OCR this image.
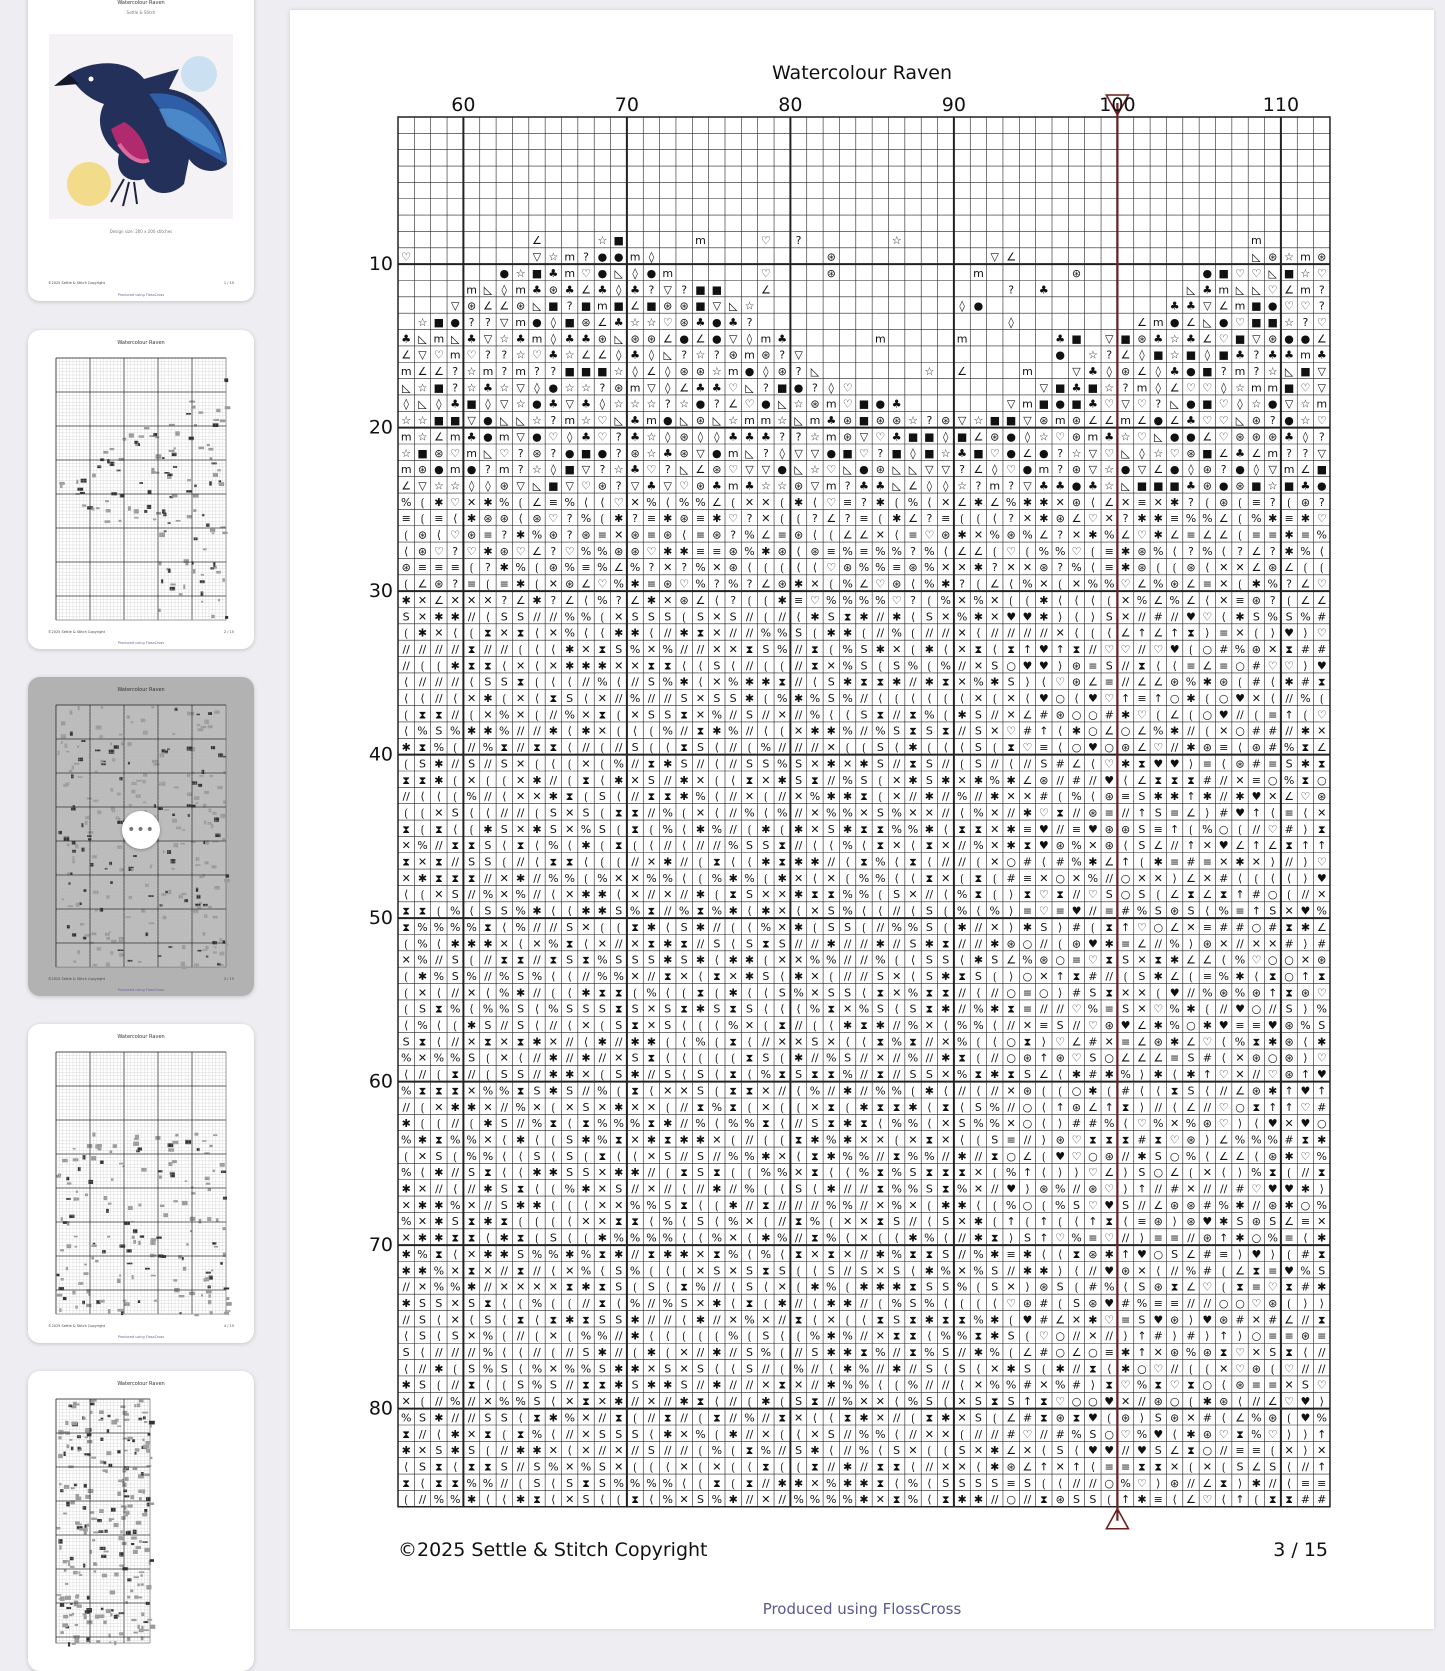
Watercolour Raven
Settle & Stitch
Design size: 200 x 200 stitches
©2025 Settle & Stitch Copyright	1 / 15
Produced using FlossCross
Watercolour Raven
©2025 Settle & Stitch Copyright	2 / 15
Produced using FlossCross
Watercolour Raven
•••
©2025 Settle & Stitch Copyright	3 / 15
Produced using FlossCross
Watercolour Raven
©2025 Settle & Stitch Copyright	4 / 15
Produced using FlossCross
Watercolour Raven
Watercolour Raven
∠	☆ ■	m	♡ ?	☆	m
♡	▽ ☆ m ? ● ● m ◊	⊛	▽ ∠	◺ ⊛ ☆ m ⊛
● ☆ ■ ♣ m ♡ ● ◺ ◊ ● m	♡	⊛	m	⊛	● ■ ♡ ♡ ◺ ■ ☆ ♡
m ◺ ◊ m ♣ ⊛ ♣ ∠ ♣ ◊ ♣ ? ▽ ? ■ ■	∠	? ♣	◺ ♣ m ◺ ◺ ♡ ∠ m ?
▽ ⊛ ∠ ∠ ⊛ ◺ ■ ? ■ m ■ ∠ ■ ⊛ ⊛ ■ ▽ ◺ ☆	◊ ●	♣ ♣ ▽ ∠ m ■ ● ♡ ♡ ?
☆ ■ ● ? ? ▽ m ● ◊ ■ ⊛ ∠ ♣ ☆ ☆ ♡ ⊛ ♣ ● ♣ ?	◊	∠ m ● ∠ ◺ ● ♡ ■ ■ ☆ ? ♡
♣ ◺ m ◺ ♣ ▽ ☆ ♣ m ◊ ♣ ♣ ⊛ ◺ ⊛ ⊛ ∠ ● ∠ ● ▽ ◊ m ♣	m	m	♣ ■ ▽ ■ ⊛ ♣ ☆ ♣ ∠ ♡ ■ ▽ ⊛ ● ● ∠
∠ ▽ ♡ m ♡ ? ? ☆ ♡ ♣ ☆ ∠ ∠ ◊ ♣ ◊ ◺ ? ☆ ? ⊛ m ⊛ ? ▽	● ☆ ? ∠ ◊ ■ ☆ ■ ◊ ■ ♣ ? ♣ ♣ m ♣
m ∠ ∠ ? ☆ m ? m ? ? ■ ■ ■ ☆ ◊ ∠ ◊ ⊛ ⊛ ☆ m ● ◊ ⊛ ? ◺	☆ ∠	m	▽ ♣ ◊ ⊛ ∠ ◊ ♣ ● ■ ? m ? ☆ ◺ ■ ▽
◺ ☆ ■ ? ☆ ♣ ☆ ▽ ◊ ● ☆ ☆ ? ⊛ m ▽ ◊ ∠ ♣ ♣ ♡ ◺ ? ■ ● ? ◊ ♡	▽ ■ ♣ ■ ☆ ? m ◊ ∠ ♡ ♡ ◊ ☆ m m ■ ♡ ▽
◊ ◺ ◊ ♣ ■ ◊ ▽ ☆ ● ♣ ▽ ♣ ◊ ☆ ☆ ☆ ? ☆ ● ? ∠ ♡ ● ◺ ☆ ⊛ m ♡ ■ ● ♣	▽ m ■ ● ■ ♣ ♡ ▽ ♡ ? ◺ ● ■ ♡ ◊ ☆ ● ▽ ☆ m
☆ ☆ ■ ■ ▽ ● ◺ ◺ ☆ ? m ☆ ♡ ◺ ♣ m ● ◺ ⊛ ◺ ☆ m m ☆ ◺ m ♣ ⊛ ■ ⊛ ⊛ ☆ ? ⊛ ▽ ☆ ■ ■ ▽ ⊛ m ⊛ ∠ ∠ m ∠ ● ∠ ♣ ♡ ♡ ◺ ⊛ ? ● ☆ ♡
m ☆ ∠ m ♣ ● m ▽ ● ♡ ◊ ♣ ♡ ? ♣ ☆ ◊ ⊛ ◊ ◊ ♣ ♣ ♣ ? ? ☆ m ⊛ ▽ ♡ ♣ ■ ■ ◊ ■ ∠ ⊛ ● ◊ ☆ ♡ ⊛ m ♣ ☆ ♡ ◺ ● ● ∠ ♡ ⊛ ⊛ ⊛ ♣ ◊ ?
☆ ■ ⊛ ♡ m ◺ ♡ ? ⊛ ? ● ■ ● ? ⊛ ☆ ♣ ⊛ ▽ ● m ◺ ? ◊ ▽ ▽ ● ■ ♡ ? ■ ◊ ■ ☆ ♣ ■ ♡ ● ∠ ● ? ☆ ▽ ♡ ◺ ◊ ☆ ♡ ⊛ ■ ∠ ♣ ∠ m ? ? ▽
m ⊛ ● m ● ? m ? ☆ ◊ ■ ▽ ? ☆ ♣ ♡ ? ◺ ∠ ⊛ ♡ ▽ ▽ ● ◺ ☆ ♡ ◺ ● ⊛ ◺ ◺ ▽ ▽ ? ∠ ◊ ♡ ● m ? ⊛ ▽ ☆ ● ▽ ∠ ● ◊ ⊛ ? ● ◊ ▽ m ∠ ■
∠ ▽ ☆ ☆ ◊ ◊ ⊛ ▽ ◺ ■ ▽ ♡ ⊛ ? ▽ ♣ ▽ ♡ ⊛ ♣ m ♣ ☆ ☆ ⊛ ▽ m ? ♣ ♣ ◺ ∠ ◊ ◊ ☆ ? m ? ▽ ♣ ♣ ● ♣ ☆ ◺ ■ ■ ■ ♣ ⊛ ● ⊛ ■ ☆ ■ ♣ ●
% ⟮ ✱ ♡ ✕ ✱ % ⟮ ∠ ≡ % ⟨ ⟨ ♡ ✕ % ⟨ % % ∠ ⟮ ✕ ✕ ⟮ ✱ ⟨ ♡ ≡ ? ✱ ⟮ % ⟨ ✕ ∠ ✱ ∠ % ✱ ✱ ✕ ⊛ ⟨ ∠ ✕ ≡ ✕ ✱ ? ⟮ ⊛ ⟮ ≡ ? ⟮ ⊛ ?
≡ ⟮ ≡ ⟨ ✱ ⊛ ⊛ ⟨ ⊛ ♡ ? % ⟮ ✱ ? ≡ ✱ ⊛ ≡ ✱ ♡ ? ✕ ⟮ ⟮ ? ∠ ? ≡ ⟮ ✱ ∠ ? ≡ ⟮ ⟮ ⟨ ? ✕ ✱ ⊛ ∠ ♡ ✕ ? ✱ ✱ ≡ % % ∠ ⟮ % ✱ ≡ ✱ ♡
⟮ ⊛ ⟨ ♡ ⊛ ≡ ? ✱ % ⊛ ? ⊛ ≡ ✕ ⊛ ≡ ⊛ ⟨ ≡ ⊛ ? % ∠ ≡ ⊛ ⟨ ⟮ ∠ ∠ ✕ ⟨ ≡ ♡ ⊛ ✱ ✕ % ⊛ % ∠ ? ✕ ✱ % ∠ ♡ ✱ ∠ ≡ ∠ ∠ ⟮ ≡ ≡ ✱ ≡ %
⟨ ⊛ ♡ ? ♡ ✱ ⊛ ♡ ∠ ? ♡ % % ⊛ ⊛ ♡ ✱ ✱ ≡ ≡ ⊛ % ✱ ⊛ ⟨ ⊛ ≡ % ≡ % % ? % ⟨ ∠ ∠ ⟮ ♡ ⟮ % % ♡ ⟮ ≡ ✱ ⊛ % ⟨ ? % ⟨ ? ∠ ? ✱ % ⟨
⊛ ≡ ≡ ≡ ⟮ ? ✱ % ⟮ ⊛ % ≡ % ∠ % ? ✕ ? % ✕ ⊛ ⟨ ⟮ ⟮ ⟨ ⟨ ♡ ⊛ % % ≡ ⊛ % ✕ ✕ ✱ ? ✕ ✕ ⊛ ? % ⟨ ≡ ✱ ⊛ ⟮ ⟮ ⊛ ⟨ ✕ ✕ ∠ ⊛ ∠ ⟮ ⟮
⟮ ∠ ⊛ ? ≡ ⟮ ≡ ✱ ⟮ ✕ ⊛ ∠ ♡ % ✱ ≡ ⊛ ♡ % ? % ? ∠ ⊛ ✱ ✕ ⟮ % ∠ ♡ ⊛ ⟨ % ✱ ? ⟮ ∠ ⟨ % ✕ ⟮ ✕ % % ♡ ∠ % ⊛ ∠ ≡ ✕ ⟮ ✱ % ? ∠ ♡
✱ ✕ ∠ ✕ ✕ ✕ ? ∠ ✱ ? ∠ ⟨ % ? ∠ ✱ ✕ ⊛ ∠ ⟨ ? ⟮ ⟮ ✱ ≡ ♡ % % % % ♡ ? ⟮ % ✕ % ✕ ⟮ ⟮ ✱ ⟨ ⟨ ⟨ ⟮ ✕ % ∠ % ∠ ⟨ ✕ ≡ ⊛ ? ⟮ ∠ ∠
S ✕ ✱ ✱ // ⟨ S S // // % % ⟮ ✕ S S S ⟮ S ✕ S // ⟮ // ⟨ ✱ S ⧗ ✱ // ✱ ⟨ S ✕ % ✱ ✕ ♥ ♥ ✱ ⟩ ⟨ ⟩ S ✕ // # // ♥ ♡ ⟨ ✱ S % S % #
⟮ ✱ ✕ ⟨ ⟮ ⧗ ✕ ⧗ ⟨ ✕ % ⟨ ⟨ ✱ ✱ ⟨ // ✱ ⧗ ✕ // // % % S ⟮ ✱ ✱ ⟮ // % ⟮ // // ✕ ⟨ // // // // ✕ ⟨ ⟮ ⟨ ∠ ↑ ∠ ↑ ⧗ ⟩ ≡ ✕ ⟮ ⟩ ♥ ⟩ ♡
// // // // ⧗ // // ⟮ ⟨ ⟨ ✱ ✕ ⧗ S % ✕ % // // ✕ ✕ ⧗ S % // ⧗ ⟮ % S ✱ ✕ ⟮ ✱ ⟨ ✕ ⧗ ⟨ ⧗ ↑ ♥ ↑ ⧗ // ♡ ♡ // ♡ ♥ ⟮ ○ # % ⊛ ✕ ⧗ # #
// ⟮ ⟮ ✱ ⧗ ⧗ ⟨ ✕ ⟨ ✕ ✱ ✱ ✱ ✕ ✕ ⧗ ⧗ ⟨ ⟨ S ⟨ // ⟮ ⟮ // ⧗ ✕ % S ⟮ S % ⟮ % // ✕ S ○ ♥ ♥ ⟩ ⊛ ≡ S // ⧗ ⟨ ⟨ ≡ ∠ ≡ ○ # ♡ ♡ ⟩ ♥
⟨ // // // ⟨ S S ⧗ ⟮ ⟨ ⟨ // % ⟨ // S % ✱ ⟨ ✕ % ✱ ✱ ⧗ // ⟨ S ✱ ⧗ ⧗ ✱ // ✱ ⧗ ✕ % ✱ S ⟩ ⟨ ♡ ⊛ ∠ ≡ // ∠ ∠ ⊛ % ✱ ⊛ ⟮ # ⟨ ✱ # ⧗
⟨ ⟨ // ⟨ ✕ ✱ ⟮ ✕ ⟨ ⧗ S ⟨ ✕ // % // // S ✕ S S ✱ ⟮ % ✱ % S % // ⟨ ⟮ ⟨ ⟨ ⟮ ⟨ ✕ ⟮ ✕ ⟨ ♥ ○ ⟨ ♥ ♡ ↑ ≡ ↑ ○ ✱ ⟮ ○ ♥ ✕ ⟨ // % ⟮
⟮ ⧗ ⧗ // ⟮ ✕ % ✕ ⟮ // % ✕ ⧗ ⟮ ✕ S S ⧗ ✕ % // S // ✕ // % ⟨ ⟨ S ⧗ // ⧗ % ⟮ ✱ S // ✕ ∠ # ⊛ ○ ○ # ✱ ♡ ⟮ ∠ ⟮ ○ ♥ // ⟮ ≡ ↑ ⟮ ♡
⟨ % S % ✱ ✱ % // // ✱ ⟨ ✱ ✕ ⟮ ⟨ ⟮ % // ⧗ ✱ % // ⟨ ⟮ ✕ ✱ ✱ % // % S ⧗ S ⧗ // S ✕ ♡ # ↑ ⟨ ✱ ○ ∠ ○ ∠ % ✱ // ⟮ ✕ ○ # # // ✱ ✕
✱ ⧗ % ⟮ // % ⧗ // ⧗ ⧗ ⟨ // ⟮ // S ⟮ ⟨ ⧗ S ⟨ // ⟮ % // // // ✕ ⟮ ⟮ S ⟨ ✱ ⟮ ⟨ ⟨ S ⟮ ⧗ ♡ ≡ ⟨ ○ ♥ ○ ⊛ ∠ ♡ // ✱ ⊛ ≡ ⟨ ⊛ # % ⧗ ∠
⟮ S ✱ // S // S ✕ ⟮ ⟨ ⟮ ✕ ⟮ % // ⧗ ✱ S // ⟨ // S S % S ✕ ✱ ✕ ✱ S // ⧗ S // ⟮ S // ⟨ // S # ∠ ⟨ ♡ ✱ ⧗ ♥ ♥ ⟩ ≡ ⟨ ⊛ # ≡ S ✱ ⧗
⧗ ⧗ ✱ ⟮ ✕ ⟮ ⟮ ✕ ✱ // ⟮ ⧗ ⟨ ✱ ✕ S // ✱ ✕ ⟮ ⟨ ⧗ ✕ ✱ S ⧗ // % S ⟮ ✕ ✱ S ✱ ✕ ✱ % ✱ ∠ ⊛ // # // ♥ ⟨ ∠ ⧗ ⧗ ⧗ # // ✕ ≡ ○ % ⧗ ○
// ⟨ ⟨ ⟮ % // ⟨ ✕ ✕ ✱ ⧗ ⟮ S ⟨ // ⧗ ⧗ ✱ % ⟨ // ✕ ⟮ // ✕ % ✱ ✱ ⧗ ⟮ ✕ // ✱ // % // ✱ ✕ ✕ # ⟮ % ⟨ ⊛ ≡ S ✱ ✱ ↑ ✱ // ✱ ♥ ✕ ∠ ♡ ⊛
⟮ ⟮ ✕ S ⟨ ⟨ // // ⟮ S ✕ S ⟮ ⧗ ⧗ // % ⟮ ✕ ⟨ // % ⟨ % // ✕ % % ✕ S % ✕ ✕ // ⟨ % ✕ // ✱ ♡ ⧗ // ⊛ ≡ // ↑ S ≡ ∠ ⟩ # ♥ ↑ ⟨ ≡ ⟨ ✕
⧗ ⟮ ⧗ ⟨ ⟮ ✱ S ✕ ✱ S ✕ % S ⟮ ⧗ ⟮ % ⟨ ✱ % // ⟮ ✱ ⟮ ✱ ✕ S ✱ ⧗ ⧗ % % ✱ ⟨ ⧗ ⧗ ✕ ✱ ≡ ♥ // ≡ ♥ ⊛ ⊛ S ≡ ↑ ⟮ % ○ ⟮ // ♡ # ⟩ ⧗
✕ % // ⧗ ⧗ S ⟨ ⧗ ⟨ % ⟨ ✱ ⟮ ⧗ ⟮ ⟨ // ⟨ // // % S S ⧗ // ⟨ ⟨ % ⟨ ⧗ ✕ ⟨ ⧗ ✕ // % ✕ ✱ ⧗ ♥ ⊛ % ✕ ⊛ ⟨ S ∠ // ↑ ✕ ♥ ∠ ↑ ∠ ⧗ ↑ ↑
⧗ ✕ ⧗ // S S ⟮ // ⟨ ⧗ ⧗ ⟨ ⟮ ⟮ // ✕ ✱ // ⟮ ⧗ ⟨ ⟨ ✱ ⧗ ✱ ✱ // ⟨ ⧗ % ⟨ ⧗ ⟨ // // ⟮ ✕ ○ # ⟨ # % ✱ ∠ ↑ ⟮ ✱ ≡ # ≡ ✕ ✱ ✕ ⟩ // ⟩ ♡
✕ ✱ ⧗ ⧗ ⧗ // ✕ ✱ // % % ⟮ % ✕ ✕ % % ⟨ ⟮ % ✱ % ⟮ ✱ ✕ ⟨ ✕ ⟮ % % ⟨ ⟨ ⧗ ✕ ⟮ ⧗ ⟮ # ≡ ✕ ○ ✕ % // ○ ✕ ✕ ⟩ ∠ ✕ # ⟨ ⟮ ⟨ ⟨ ⟩ ♥
⟨ ⟮ ✕ S // % ✕ % // ⟨ ✕ ✱ ✱ ⟨ ✕ // ✕ // ✱ ⟮ ⧗ S ✕ ✕ ✱ ⧗ ⧗ % % ⟮ S ✕ // ⟨ % ⧗ ⟮ ⟩ ⧗ ♡ ⧗ // ♡ S ○ S ⟮ ∠ ⧗ ∠ ⧗ ↑ # ○ ⟮ // ✕
⧗ ⧗ ⟮ % ⟨ S S % ✱ ⟨ ⟨ ✱ ✱ S % ⧗ // % ⧗ % ✱ ⟨ ✱ ✕ ⟨ ✕ S % ⟨ ⟨ // ⟨ S ⟮ % ⟨ % ⟩ ≡ ♡ ≡ ♥ // ≡ # % S ⊛ S ⟨ % ≡ ↑ S ✕ ♥ %
⧗ % % % % ⧗ ⟨ % // // S ✕ ⟮ ⟮ ⧗ ✱ ⟨ S ✱ // ⟮ ⟨ % ✕ ✱ ⟮ S S ⟮ // % % S ⟮ ✱ // ✕ ⟩ ✱ S ⟩ # ⟮ ⧗ ↑ ♡ ○ ∠ ✕ ≡ # # ○ # ⧗ ✱ ∠
⟮ % ⟨ ✱ ✱ ✱ ✕ ⟨ ✕ % ⧗ ⟨ ✕ // ✕ ⧗ ✱ ⧗ // S ⟨ S ⧗ S // // ✱ // // ✱ // S ✱ ⧗ // // ✱ ⊛ ○ // ⟮ ⊛ ♥ ✱ ≡ ∠ // % ⟩ ⊛ ✕ // ✕ ✕ # ⟩ #
✕ % // S ⟮ // ⧗ ⧗ // ⧗ S ⧗ % S S S ✱ S ✱ ⟨ ✱ ✱ ⟮ ✕ ✕ % % // // % ⟮ ⟨ S S ⟨ ✱ S ∠ % ⊛ ○ ≡ ♡ ⧗ S ✕ ⧗ ✱ ∠ ∠ ⟨ % ♡ ○ ○ ✕ ⊛
⟮ ✱ % S % // % S % ⟨ ⟨ // % % ✕ // ⧗ ✕ ⟨ ⧗ ✕ ✱ S ⟨ ✱ ✕ ⟮ // // S ✕ ⟨ S ✱ ⧗ S ⟮ ⟩ ○ ✕ ↑ ⧗ # // ⟮ S ✱ ∠ ⟮ ≡ % ✱ ⟨ ⧗ ○ ↑ ⧗
⟮ ✕ ⟨ // ✕ ⟨ % ✱ // ⟮ ⟨ ✱ ⧗ ⧗ ⟮ % ⟨ ⟮ ⧗ ⟮ ✱ ⟨ ⟨ S % ✕ S S ⟨ ⧗ ✕ % ⧗ ⧗ // ⟨ // ○ ≡ ○ ⟩ # S ⧗ ✕ ✕ ⟮ ♥ // % ⊛ % ⊛ ↑ ⧗ ⊛ ♡
⟮ S ⧗ % ⟨ % % S ⟨ % S S S ⧗ S ✕ S ⧗ ✱ S ⧗ S ⟨ ⟨ ⟨ % ⧗ ✕ % S ⟨ S ⧗ ✱ // % ✱ ⧗ ≡ // // ♡ % ≡ S ✕ ♡ % ✱ ⟮ // ♥ ○ // S ⟩ %
⟨ % ⟨ ⟮ ✱ S // S ⟨ // ⟨ ✕ ⟮ S ⧗ ✕ S ⟨ ⟮ ⟨ % ✕ ⟮ ⧗ // ⟮ ⟨ ✱ ⧗ ✱ // % ✕ ⟨ % % ⟨ // ✕ ≡ S // ♡ ⊛ ♥ ∠ ✱ % ○ ✱ ♥ ≡ ≡ ♥ ⊛ % S
S ⧗ ⟨ // ✕ ⧗ ✕ ⧗ ✱ ✕ // ⟨ ✱ // ✱ ✱ ⟮ ⟨ % ⟮ ⧗ ⟨ // ✕ ✕ S ✕ ⟨ ⟨ ⧗ % ⧗ // ✕ % ⟮ ⟨ ○ ⧗ ⟩ ♡ ∠ # ✕ ≡ ∠ ⊛ ✱ ∠ ♡ ⟨ % ⧗ ✱ ⊛ ⟨ ✱
% ✕ % % S ⟮ ✕ ⟨ // ✱ // ✱ // ✕ S ⧗ ⟨ ⟨ ⟮ ⟮ ⟮ ⧗ S ⟮ ✱ // % S // ✕ // % // ✱ ⧗ ⟮ // ○ ⊛ ↑ ⊛ ♡ S ○ ∠ ∠ ∠ ≡ S # ⟨ ✕ ⊛ ○ ⊛ ⟩ ♡
⟨ // ⟮ ⧗ // ⟮ S S // ✱ ✱ ✕ ⟮ S ✱ // S ⟨ S ⟨ ⧗ ⟨ % ⧗ S ⧗ ⧗ % // ⧗ // S S ✕ % ⧗ ✱ ⧗ S ∠ ⟨ ✱ # ✱ % ⟩ ✱ ⟨ ✱ ↑ ♡ ✕ // ♡ ⊛ ↑ ♥
% ⧗ ⧗ ⧗ ✕ % % ⧗ S ✱ S // % ⟮ ⧗ ⟨ ✕ ✕ S ⟮ ⧗ ⧗ ✕ // ⟨ % // ✱ // % % ⟮ ✱ ⟨ // ⟨ // ✕ ⊛ ⟮ ⟮ ○ ✱ ⟮ # ⟨ ⟨ ⧗ S ⟨ // ∠ ⊛ ✱ ↑ ♥ ↑
// ⟮ ✕ ✱ ✱ ✕ // % ✕ ⟮ ✕ S ✕ ✱ ✕ ✕ ⟮ // ⧗ % ⧗ ⟮ ✕ ⟮ ⟮ ✕ ⧗ ⟮ ✱ ⧗ ⧗ ✱ ⟨ ⧗ ⟨ S % // ○ ⟨ ↑ ⊛ ∠ ↑ ⧗ ⟩ // ⟨ ∠ // ♡ ○ ⧗ ↑ ↑ ♡ #
✱ ⟮ ⟮ // ⟮ ✱ S // % ⧗ ⟨ ⧗ % % % ⧗ ✱ // % ⟨ % % ⧗ ⟨ // S ⧗ ✱ ⧗ ⟨ % % ⟨ ✕ S % % ✕ ○ ⟨ ⟩ # # % ⟨ ♡ % ✕ % ⊛ ♡ ⟩ ⟨ ♥ ✕ ♥ ○
% ✱ ⧗ % % ✕ ⟨ ✱ ⟨ ⟮ S ✱ % ⧗ ✕ ✱ ⧗ ✱ ✱ ✕ ⟮ // ⟮ ⟮ ⧗ ✱ % ✱ ✕ ✕ ⟮ ✕ ⧗ ✕ ⟨ ⟮ S ≡ // ⟩ ⊛ ♡ ⧗ ⧗ ⧗ # ⧗ ♡ ⊛ ⟩ ∠ % % % # ⧗ ✱
⟮ ✕ S ⟮ % % ⟨ ⟨ S ⟨ S ⟮ ⧗ ⟨ ⟨ ✕ S // S // % % ✱ ✕ ⟨ ⧗ ✱ % % // ⧗ % % // ✱ // ⧗ ○ ∠ ⟮ ♥ ♡ ○ ⊛ // ✱ S ○ % ⟨ ∠ ∠ ⟨ ⊛ ✱ ♡ %
% ⟨ ✱ // S ⧗ ⟨ ⟨ ✱ ✱ S S ✕ ✱ ✱ // ⟮ ⧗ S ⧗ ⟮ ⟮ % % ✕ ⧗ ⟨ ⟨ % ⧗ % S ⧗ ⧗ ⧗ ✕ ⟮ % ↑ ⟨ ⟩ ⟩ ♡ ∠ ⟩ S ○ ∠ ⟮ ✕ ⟨ ⟩ % ⧗ ⟮ // ⧗
✱ ✕ // ⟨ // ✱ S ⧗ ⟨ ⟮ % ✱ ✕ S // ✕ // ⟨ // ✱ // % ⟮ ⟨ S ⟨ ✱ // // ⧗ % % S ⧗ % ✕ // ♥ ⟩ ⊛ % // ⊛ ♡ ⟩ ↑ // # ✕ // // # ♡ ♥ ♥ ✱ ⟩
✕ ✱ ✱ % ✕ // S ✱ ✱ ⟮ ⟮ ⟨ ✕ ✕ % % S ⧗ ⟨ ⟮ ✱ // ⧗ // // // % % // ✕ % ✕ ⟮ ✱ ✱ ⟨ ⟮ % ○ ⟮ % S ♡ ♥ S // ∠ ⊛ ⊛ # % ✱ // ⊛ ✱ ○ %
% ✕ ✱ S ⧗ ✱ ⧗ ⟮ ⟮ ⟮ ⟨ ✕ ✕ ⧗ ⧗ ⟨ % ⟨ S ⟨ % ✕ ⟮ // ⧗ % ⟮ ✕ ✕ ⧗ S // ⟨ S ✕ ✱ ⟮ ↑ ⟮ ↑ ⟮ ⟨ ↑ ⧗ ⟨ ≡ ⊛ ⟩ ⊛ ♥ ✱ S ⊛ S ∠ ≡ ✕
✕ ✱ ✱ ⧗ ⧗ ⟨ ✱ ⧗ ⟮ S ⟨ ⟮ ✱ % % % % ⟨ ⟨ % ✕ ⟨ ✱ % // ⧗ % ⟨ ✕ ⟮ ⟨ ✱ % ⟨ // ✱ ⧗ ⟩ S ↑ ♡ % ≡ ♡ // ⟩ ≡ ≡ // ⊛ ↑ ✱ ○ % ≡ ⟨ ✱
✱ % ⧗ ⟨ ✕ ✱ ✱ S % % ✱ % ⧗ ✱ // ⧗ ✱ ✱ ✕ ⧗ % ⟨ % ⟨ ⧗ ✕ ⧗ ✕ // ✱ % ⧗ ⧗ S // % ✱ ≡ ✱ ⟨ ⟨ ⧗ ⊛ ✱ ↑ ♥ ○ S ∠ # ≡ ⟩ ♥ ⟩ ⟮ # ⧗
✱ ✱ % ✕ ⧗ ✕ // ⧗ // ⟨ ✕ % ⟨ S % ⟮ ⟨ ⟮ ✕ S ✕ S ⧗ S ⟮ ⟨ S // S ✕ S ⟨ ✱ % ✕ % S // ✱ ✱ ⟩ ⟨ // ♥ ⊛ ✕ ⟨ // % # ⟮ ∠ ⧗ ≡ ♥ % S
// ✕ % % ✱ // ✕ ✕ ✕ ✕ ⧗ ✱ ⧗ S ⟮ S ⟨ ⧗ % // ⟨ S ⟨ ✕ ⟮ ✱ % ⟮ ✱ ✱ ✱ ⧗ S S % ⟮ S ✕ ⟩ ⊛ S ⟮ # % ⟨ S ⊛ ⧗ ∠ ♡ ⟮ ⧗ ≡ ♡ ⧗ # ✱
✱ S S ✕ S ⧗ ⟨ ⟮ % ⟮ ⟮ // ⧗ ⟨ % // % S ✕ ✱ ⟨ ⧗ ⟮ ✱ // ⟨ ✱ ✱ // ⟮ % S % ⟨ ⟮ ⟮ ⟨ ♡ ⊛ # ⟮ S ⊛ ♥ # % ≡ ≡ // // ○ ○ ♡ ⊛ ⟮ ⟩ ⟩
// S ⟨ ✕ ⟨ S ⟨ ⧗ ⟨ ⧗ ✱ ⧗ S S ✱ // // ⟨ ✱ // ✕ % ✕ // ⧗ ⟨ ✕ ⟮ ⟨ ⧗ S ⧗ ✱ ⧗ ⧗ % ✱ ⟮ ♥ # ∠ ✕ ✱ ♡ ≡ S ♥ ⊛ ⟩ ♥ ⊛ # ✕ # ∠ // ⧗
⟨ S ⟨ S ✕ % ⟮ // ⟮ ✕ ⟮ % % // ✱ ⟨ ⟨ ⟮ ⟮ ⟮ % ⟮ S ⟨ ⟮ % ✱ % // ✕ ⧗ ⧗ ⟨ % % ⧗ ✱ S ⟮ ♡ ○ // ✕ // ⟩ ↑ # ⟩ # ⟩ ↑ ⟩ ○ ≡ ≡ ⊛ ≡
S ⟨ // // // % ⟨ ⟨ // ⟮ // S ✱ // ⟮ ✱ ⟮ ✕ // ✱ // S % ⟮ // S ✱ ✱ ⧗ % // ⧗ % S // ✱ % ⟮ ∠ # ○ ∠ ○ ≡ ✱ ↑ ✕ ⊛ % ⊛ ⧗ ♡ ✕ S ⧗ ⟨ //
⟨ // ✱ ⟮ S % S ⟨ % ✕ % % S ✱ ✱ ✕ S ✕ S ⟨ ⟨ S // ⟮ % // ⟨ ✱ % // ✱ // S ⟨ S ⟨ ✕ ✱ S ⟮ ✱ // ⧗ ⟨ ✱ ○ ♡ // ⟮ ⟮ ✕ ♡ ⊛ ⟮ ♡ // //
✱ S ⟮ // ⧗ ⟨ ⟮ S % S // ⧗ ⧗ ✱ S ✱ ✱ S // ✱ // // ✕ ⧗ ✕ // ✱ % % ⟨ ⟮ % // // ⟨ ✕ % % # ✕ % # ⟩ ⧗ ♡ % ⧗ ♡ ⧗ ○ ⟨ ⊛ ≡ ≡ ✕ S ♡
✕ ⟮ // % // ✕ % % S ⟨ ✕ ⧗ ✕ ✱ // ✕ // ✱ ⧗ ⟨ // ⟮ ✱ ⟮ S ⧗ // % ✕ ✕ ⟨ % S ⟮ ✕ S ⧗ S ↑ ⧗ ♡ ○ ○ ♥ ✕ // ⊛ ○ ⟮ ✱ ⊛ ⟨ // ∠ ♡ ♥ ⟩
% S ✱ // // S S ⟨ ⧗ ✱ % ✕ // ⧗ ⟮ // ⧗ // ⟮ ⧗ // % // ⧗ ✕ ⟨ ⟨ ⧗ ✱ ✕ // ⟮ ⧗ ✱ ✕ S ⟮ ∠ # ⧗ ⊛ ⧗ ♥ ⟮ ⊛ ⟩ S ⊛ ✕ # ⟨ ∠ % ⊛ ⟮ ♥ %
⧗ // ⟨ ✱ ✕ ⧗ ⟮ ⧗ % ⟨ // ✕ S S S ⟨ ✱ ✕ % ⟮ ✱ // ✕ ⟮ ⟨ ✕ S // % % ⟨ // ✕ ✕ ⟮ // // # ♡ // # % S ○ ♡ % ♥ ⟨ ✱ ⊛ ♡ ⧗ % ♡ ⟩ ⟩ ↑
✱ ✕ S ✱ S ⟮ // ✱ ✱ ✕ ⟨ ✕ // ✕ // S // // ⟮ % ⟮ ⧗ % // S ✱ ⟨ // % ⟨ S ✕ ⟮ ⟮ S ✕ ✱ ∠ ✕ ⟨ S ⟨ ♥ ♥ // ♥ S ∠ ⧗ ○ // ≡ ≡ ⟮ ✕ ⟩ ✕
⟨ S ⧗ ⟨ ⧗ ⧗ S // S % ✕ % S ✕ ⟮ ⟮ ⟨ ✕ ⟮ ✕ ⟮ ⟨ ⧗ ⟮ ⟮ ⧗ // ✱ // ⧗ ⧗ ⟨ // ✕ ✕ ⟨ ✱ ⊛ ∠ ↑ ✕ ↑ ⟨ ≡ ≡ ⧗ ⧗ ✕ ⟮ ✕ ⟮ S ∠ S ⟨ // ↑
⧗ ⟨ ⧗ ⧗ % % // ⟮ S ⟨ S ⧗ S % % % % ⟨ ⟮ ⧗ ⟮ ⧗ // ✱ ✱ ✕ % ✱ ✱ ⧗ ⟨ % ⟨ S S S S ≡ S ⟮ ⟨ // // ○ % ♡ ⟩ ⊛ // ∠ ⧗ ⟩ ✱ // ⟨ ≡ ≡
⟮ // % % ✱ ⟨ ⟨ ✱ ⧗ ⟨ ✕ S ⟨ ⟮ ⧗ ⟨ % ✕ S % ✱ // ✕ // % % % % ✱ ✕ ⧗ % ⟨ ⧗ ✱ ✱ // ○ // ⧗ ⊛ S S ⟮ ↑ ✱ ≡ ⟨ ∠ ♡ ⟨ ↑ ⟮ ⧗ ⧗ # #
60	70	80	90	100	110
10
20
30
40
50
60
70
80
©2025 Settle & Stitch Copyright	3 / 15
Produced using FlossCross
